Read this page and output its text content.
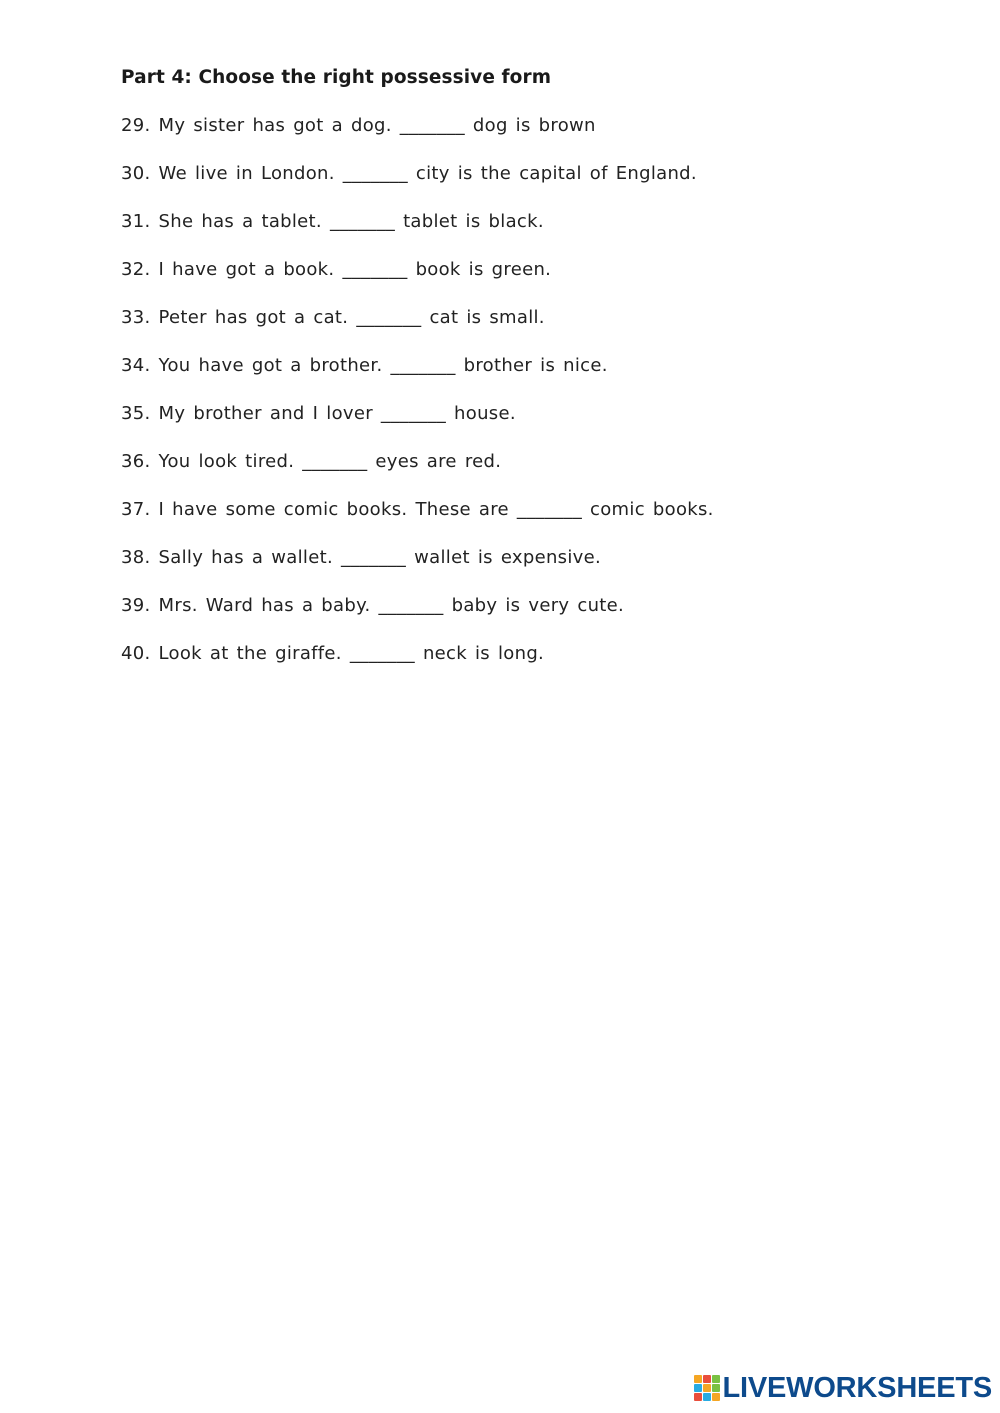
Part 4: Choose the right possessive form
29. My sister has got a dog. _______ dog is brown
30. We live in London. _______ city is the capital of England.
31. She has a tablet. _______ tablet is black.
32. I have got a book. _______ book is green.
33. Peter has got a cat. _______ cat is small.
34. You have got a brother. _______ brother is nice.
35. My brother and I lover _______ house.
36. You look tired. _______ eyes are red.
37. I have some comic books. These are _______ comic books.
38. Sally has a wallet. _______ wallet is expensive.
39. Mrs. Ward has a baby. _______ baby is very cute.
40. Look at the giraffe. _______ neck is long.
LIVEWORKSHEETS
